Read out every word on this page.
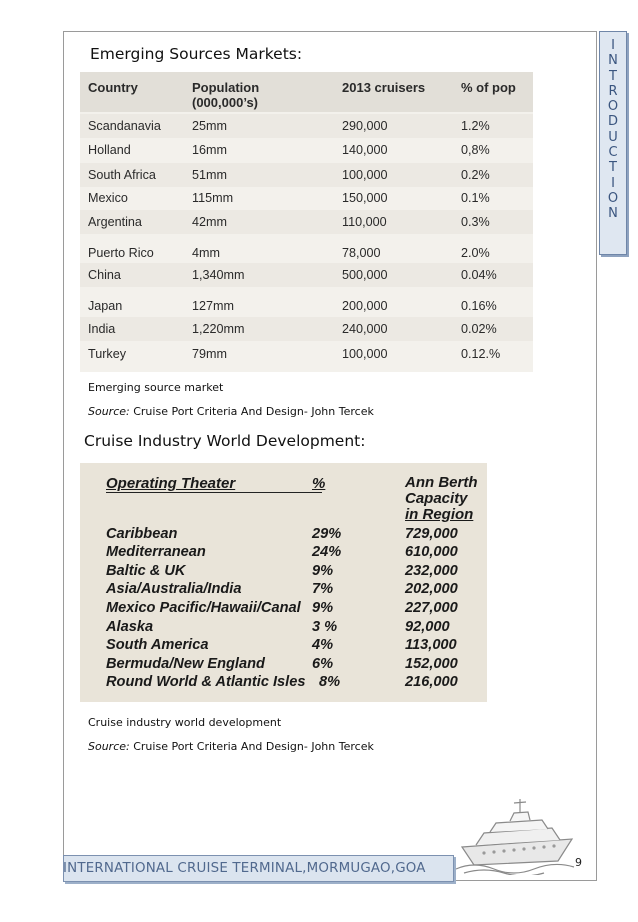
I
N
T
R
O
D
U
C
T
I
O
N
Emerging Sources Markets:
Country	Population
(000,000’s)
2013 cruisers	% of pop
Scandanavia 25mm	290,000	1.2%
Holland	16mm	140,000	0,8%
South Africa	51mm	100,000	0.2%
Mexico	115mm	150,000	0.1%
Argentina	42mm	110,000	0.3%
Puerto Rico	4mm	78,000	2.0%
China	1,340mm	500,000	0.04%
Japan	127mm	200,000	0.16%
India	1,220mm	240,000	0.02%
Turkey	79mm	100,000	0.12.%
Emerging source market
Source: Cruise Port Criteria And Design- John Tercek
Cruise Industry World Development:
Operating Theater	%	Ann Berth
Capacity
in Region
Caribbean	29%	729,000
Mediterranean	24%	610,000
Baltic & UK	9%	232,000
Asia/Australia/India	7%	202,000
Mexico Pacific/Hawaii/Canal 9%	227,000
Alaska	3 %	92,000
South America	4%	113,000
Bermuda/New England	6%	152,000
Round World & Atlantic Isles 8%	216,000
Cruise industry world development
Source: Cruise Port Criteria And Design- John Tercek
INTERNATIONAL CRUISE TERMINAL,MORMUGAO,GOA	9
